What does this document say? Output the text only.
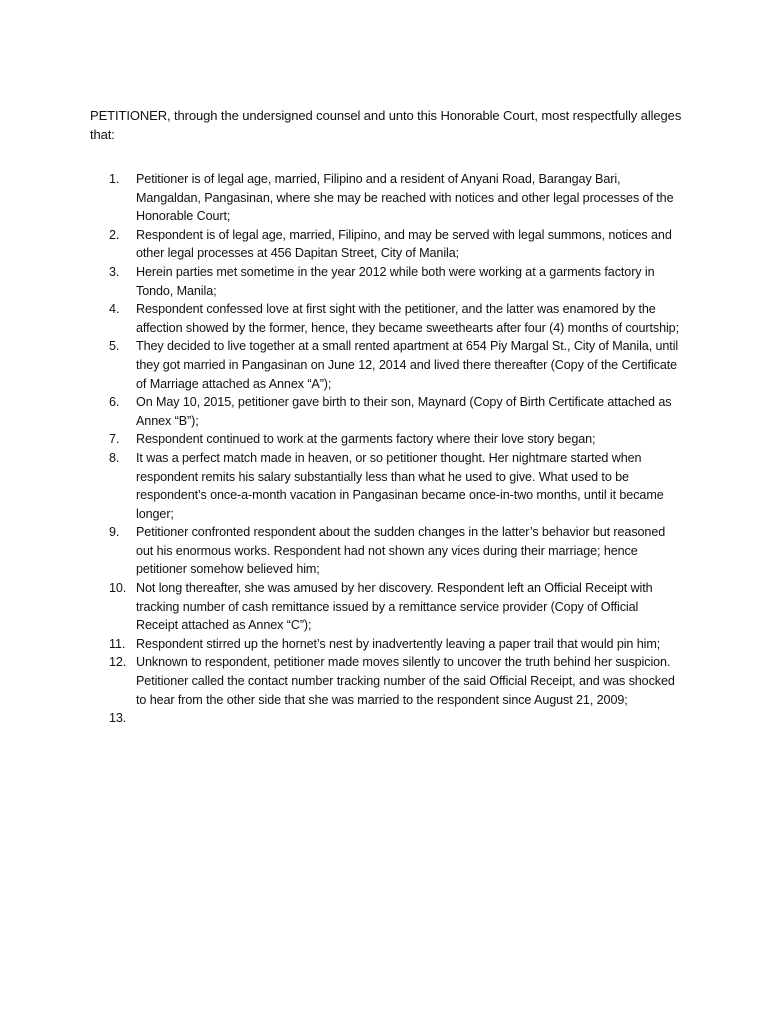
PETITIONER, through the undersigned counsel and unto this Honorable Court, most respectfully alleges that:

1.	Petitioner is of legal age, married, Filipino and a resident of Anyani Road, Barangay Bari, Mangaldan, Pangasinan, where she may be reached with notices and other legal processes of the Honorable Court;
2.	Respondent is of legal age, married, Filipino, and may be served with legal summons, notices and other legal processes at 456 Dapitan Street, City of Manila;
3.	Herein parties met sometime in the year 2012 while both were working at a garments factory in Tondo, Manila;
4.	Respondent confessed love at first sight with the petitioner, and the latter was enamored by the affection showed by the former, hence, they became sweethearts after four (4) months of courtship;
5.	They decided to live together at a small rented apartment at 654 Piy Margal St., City of Manila, until they got married in Pangasinan on June 12, 2014 and lived there thereafter (Copy of the Certificate of Marriage attached as Annex “A”);
6.	On May 10, 2015, petitioner gave birth to their son, Maynard (Copy of Birth Certificate attached as Annex “B”);
7.	Respondent continued to work at the garments factory where their love story began;
8.	It was a perfect match made in heaven, or so petitioner thought. Her nightmare started when respondent remits his salary substantially less than what he used to give. What used to be respondent’s once-a-month vacation in Pangasinan became once-in-two months, until it became longer;
9.	Petitioner confronted respondent about the sudden changes in the latter’s behavior but reasoned out his enormous works. Respondent had not shown any vices during their marriage; hence petitioner somehow believed him;
10. Not long thereafter, she was amused by her discovery. Respondent left an Official Receipt with tracking number of cash remittance issued by a remittance service provider (Copy of Official Receipt attached as Annex “C”);
11. Respondent stirred up the hornet’s nest by inadvertently leaving a paper trail that would pin him;
12. Unknown to respondent, petitioner made moves silently to uncover the truth behind her suspicion. Petitioner called the contact number tracking number of the said Official Receipt, and was shocked to hear from the other side that she was married to the respondent since August 21, 2009;
13.
